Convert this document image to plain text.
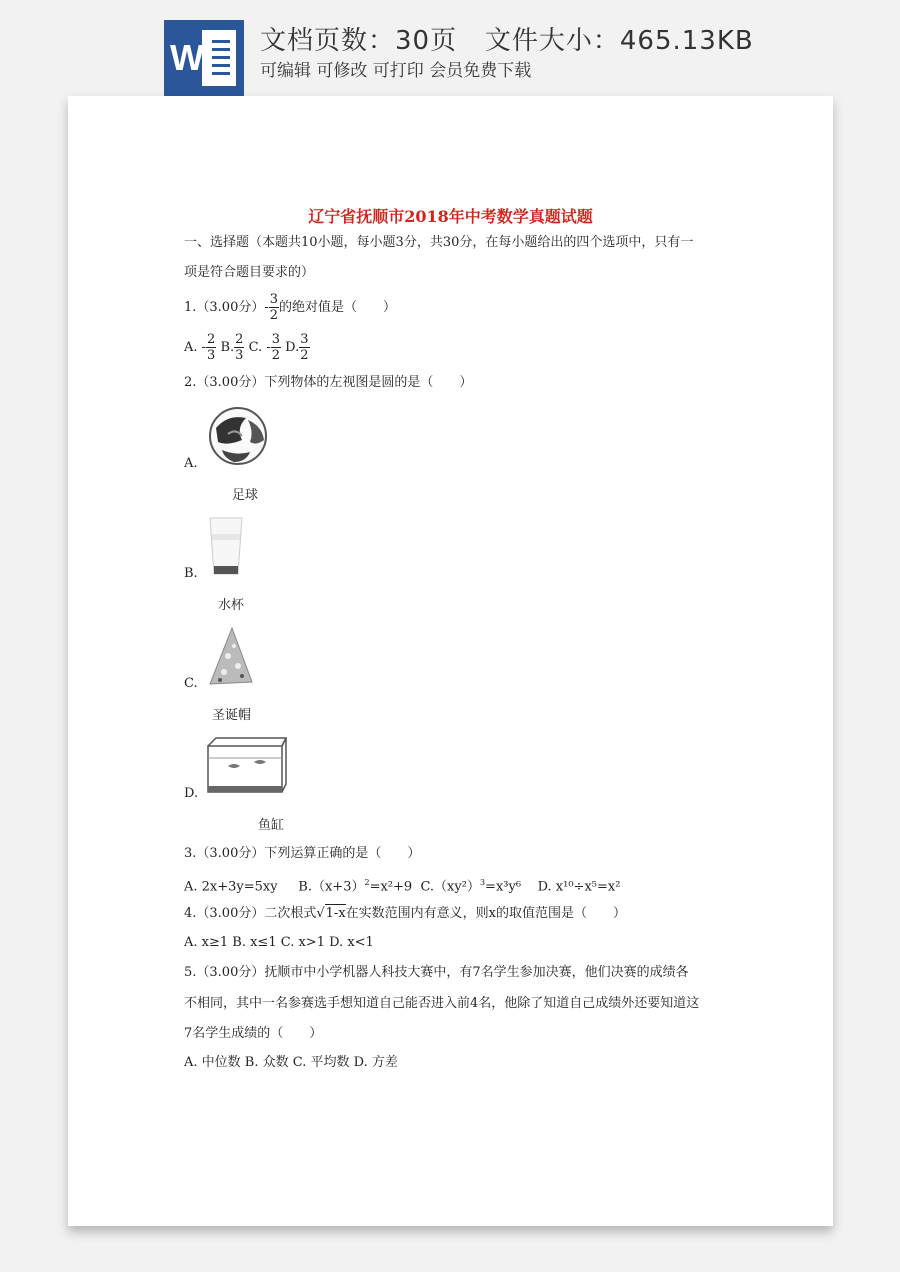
W 文档页数：30页   文件大小：465.13KB
可编辑 可修改 可打印 会员免费下载
辽宁省抚顺市2018年中考数学真题试题
一、选择题（本题共10小题，每小题3分，共30分，在每小题给出的四个选项中，只有一
项是符合题目要求的）
1.（3.00分）- $\frac{3}{2}$ 的绝对值是（　　）
A. - $\frac{2}{3} B$. $\frac{2}{3} C$. - $\frac{3}{2} D$. $\frac{3}{2}$
2.（3.00分）下列物体的左视图是圆的是（　　）
A.
足球
B.
水杯
C.
圣诞帽
D.
鱼缸
3.（3.00分）下列运算正确的是（　　）
A. 2x+3y=5xy $B.(x+3)^2=x^2+9$ $C.(xy^2)^3=x^3y^6$ D. x¹⁰÷x⁵=x²
4.（3.00分）二次根式√1-x在实数范围内有意义，则x的取值范围是（　　）
A. x≥1 B. x≤1 C. x>1 D. x<1
5.（3.00分）抚顺市中小学机器人科技大赛中，有7名学生参加决赛，他们决赛的成绩各
不相同，其中一名参赛选手想知道自己能否进入前4名，他除了知道自己成绩外还要知道这
7名学生成绩的（　　）
A. 中位数 B. 众数 C. 平均数 D. 方差
